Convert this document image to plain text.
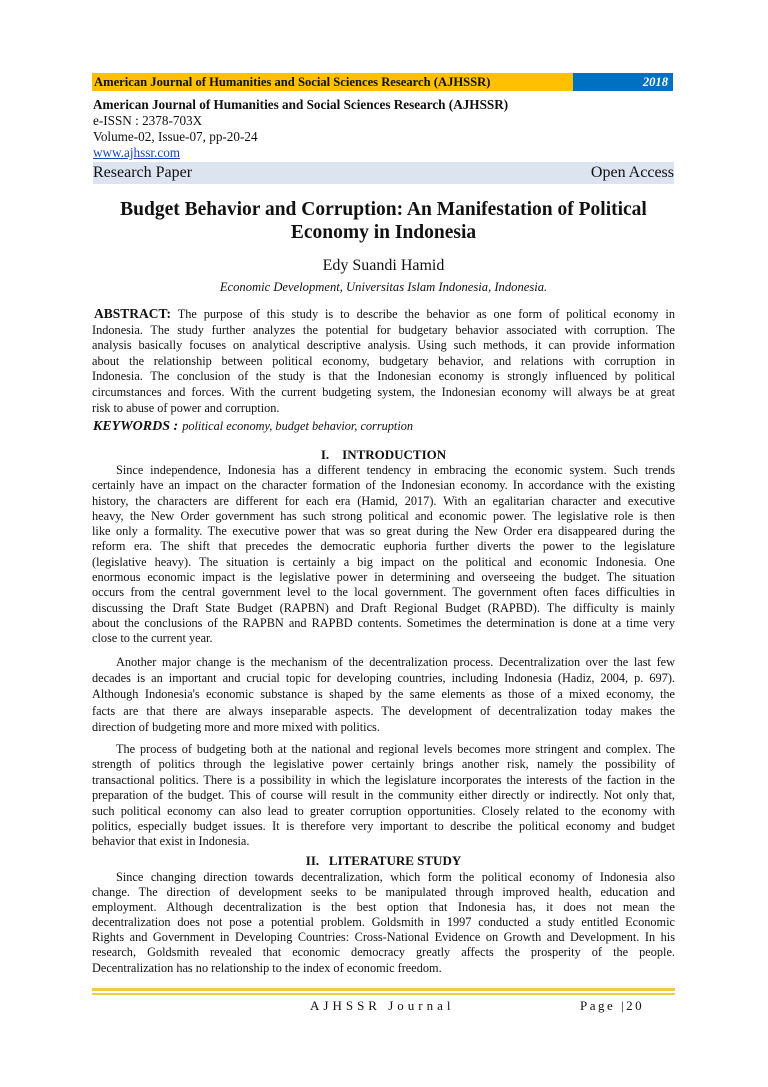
American Journal of Humanities and Social Sciences Research (AJHSSR)	2018
American Journal of Humanities and Social Sciences Research (AJHSSR)
e-ISSN : 2378-703X
Volume-02, Issue-07, pp-20-24
www.ajhssr.com
Research Paper	Open Access
Budget Behavior and Corruption: An Manifestation of Political
Economy in Indonesia
Edy Suandi Hamid
Economic Development, Universitas Islam Indonesia, Indonesia.
ABSTRACT: The purpose of this study is to describe the behavior as one form of political economy in
Indonesia. The study further analyzes the potential for budgetary behavior associated with corruption. The
analysis basically focuses on analytical descriptive analysis. Using such methods, it can provide information
about the relationship between political economy, budgetary behavior, and relations with corruption in
Indonesia. The conclusion of the study is that the Indonesian economy is strongly influenced by political
circumstances and forces. With the current budgeting system, the Indonesian economy will always be at great
risk to abuse of power and corruption.
KEYWORDS : political economy, budget behavior, corruption
I.    INTRODUCTION
Since independence, Indonesia has a different tendency in embracing the economic system. Such trends
certainly have an impact on the character formation of the Indonesian economy. In accordance with the existing
history, the characters are different for each era (Hamid, 2017). With an egalitarian character and executive
heavy, the New Order government has such strong political and economic power. The legislative role is then
like only a formality. The executive power that was so great during the New Order era disappeared during the
reform era. The shift that precedes the democratic euphoria further diverts the power to the legislature
(legislative heavy). The situation is certainly a big impact on the political and economic Indonesia. One
enormous economic impact is the legislative power in determining and overseeing the budget. The situation
occurs from the central government level to the local government. The government often faces difficulties in
discussing the Draft State Budget (RAPBN) and Draft Regional Budget (RAPBD). The difficulty is mainly
about the conclusions of the RAPBN and RAPBD contents. Sometimes the determination is done at a time very
close to the current year.
Another major change is the mechanism of the decentralization process. Decentralization over the last few
decades is an important and crucial topic for developing countries, including Indonesia (Hadiz, 2004, p. 697).
Although Indonesia's economic substance is shaped by the same elements as those of a mixed economy, the
facts are that there are always inseparable aspects. The development of decentralization today makes the
direction of budgeting more and more mixed with politics.
The process of budgeting both at the national and regional levels becomes more stringent and complex. The
strength of politics through the legislative power certainly brings another risk, namely the possibility of
transactional politics. There is a possibility in which the legislature incorporates the interests of the faction in the
preparation of the budget. This of course will result in the community either directly or indirectly. Not only that,
such political economy can also lead to greater corruption opportunities. Closely related to the economy with
politics, especially budget issues. It is therefore very important to describe the political economy and budget
behavior that exist in Indonesia.
II.   LITERATURE STUDY
Since changing direction towards decentralization, which form the political economy of Indonesia also
change. The direction of development seeks to be manipulated through improved health, education and
employment. Although decentralization is the best option that Indonesia has, it does not mean the
decentralization does not pose a potential problem. Goldsmith in 1997 conducted a study entitled Economic
Rights and Government in Developing Countries: Cross-National Evidence on Growth and Development. In his
research, Goldsmith revealed that economic democracy greatly affects the prosperity of the people.
Decentralization has no relationship to the index of economic freedom.
AJHSSR Journal	Page |20
